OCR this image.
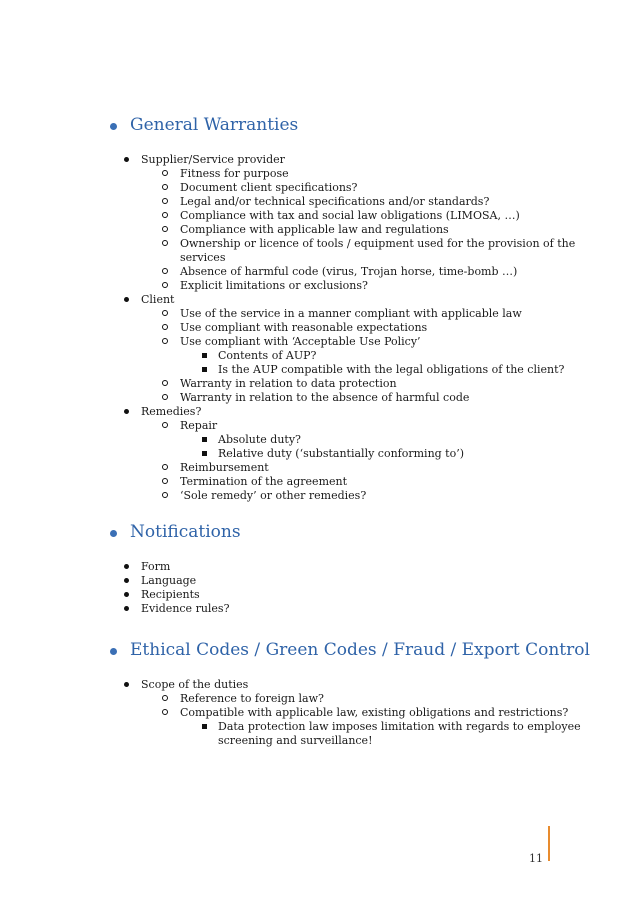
General Warranties
Supplier/Service provider
Fitness for purpose
Document client specifications?
Legal and/or technical specifications and/or standards?
Compliance with tax and social law obligations (LIMOSA, …)
Compliance with applicable law and regulations
Ownership or licence of tools / equipment used for the provision of the
services
Absence of harmful code (virus, Trojan horse, time-bomb …)
Explicit limitations or exclusions?
Client
Use of the service in a manner compliant with applicable law
Use compliant with reasonable expectations
Use compliant with ‘Acceptable Use Policy’
Contents of AUP?
Is the AUP compatible with the legal obligations of the client?
Warranty in relation to data protection
Warranty in relation to the absence of harmful code
Remedies?
Repair
Absolute duty?
Relative duty (‘substantially conforming to’)
Reimbursement
Termination of the agreement
‘Sole remedy’ or other remedies?
Notifications
Form
Language
Recipients
Evidence rules?
Ethical Codes / Green Codes / Fraud / Export Control
Scope of the duties
Reference to foreign law?
Compatible with applicable law, existing obligations and restrictions?
Data protection law imposes limitation with regards to employee
screening and surveillance!
11
